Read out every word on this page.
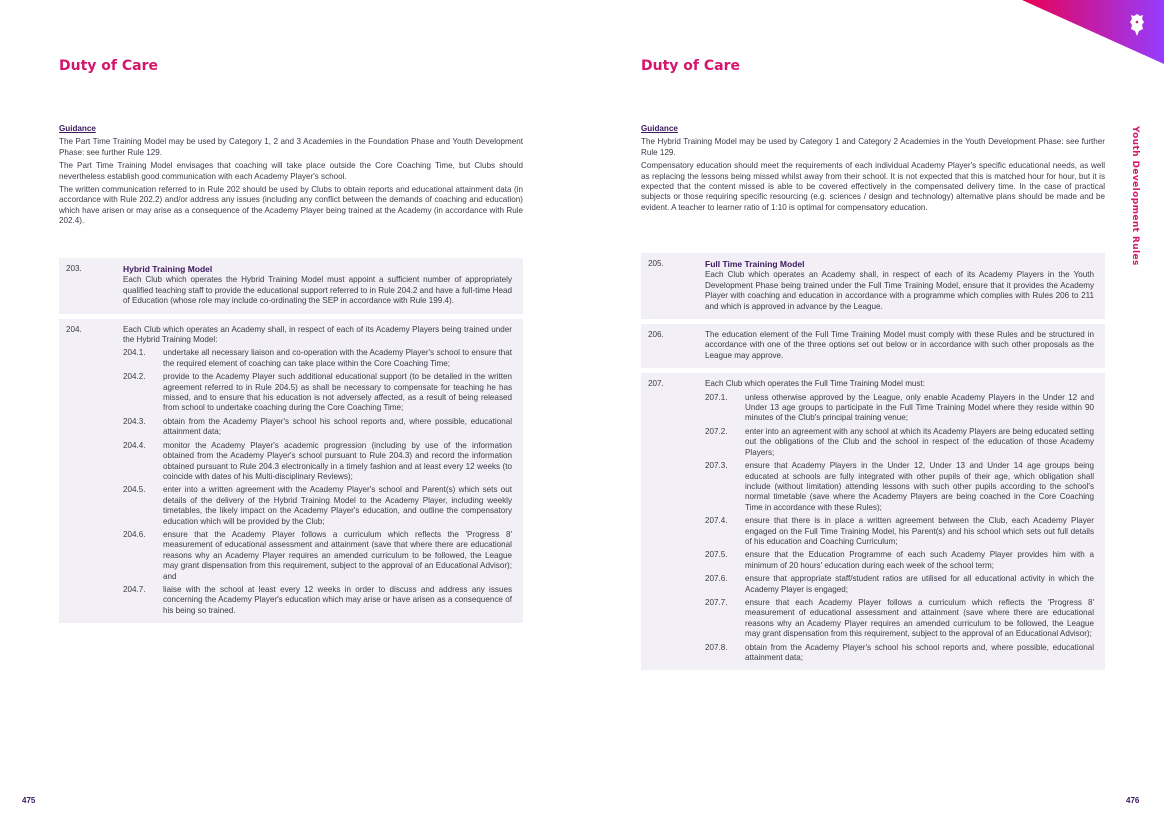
Duty of Care
Guidance

The Part Time Training Model may be used by Category 1, 2 and 3 Academies in the Foundation Phase and Youth Development Phase: see further Rule 129.

The Part Time Training Model envisages that coaching will take place outside the Core Coaching Time, but Clubs should nevertheless establish good communication with each Academy Player's school.

The written communication referred to in Rule 202 should be used by Clubs to obtain reports and educational attainment data (in accordance with Rule 202.2) and/or address any issues (including any conflict between the demands of coaching and education) which have arisen or may arise as a consequence of the Academy Player being trained at the Academy (in accordance with Rule 202.4).

203.	Hybrid Training Model
Each Club which operates the Hybrid Training Model must appoint a sufficient number of appropriately qualified teaching staff to provide the educational support referred to in Rule 204.2 and have a full-time Head of Education (whose role may include co-ordinating the SEP in accordance with Rule 199.4).
204.	Each Club which operates an Academy shall, in respect of each of its Academy Players being trained under the Hybrid Training Model:
204.1.	undertake all necessary liaison and co-operation with the Academy Player's school to ensure that the required element of coaching can take place within the Core Coaching Time;
204.2.	provide to the Academy Player such additional educational support (to be detailed in the written agreement referred to in Rule 204.5) as shall be necessary to compensate for teaching he has missed, and to ensure that his education is not adversely affected, as a result of being released from school to undertake coaching during the Core Coaching Time;
204.3.	obtain from the Academy Player's school his school reports and, where possible, educational attainment data;
204.4.	monitor the Academy Player's academic progression (including by use of the information obtained from the Academy Player's school pursuant to Rule 204.3) and record the information obtained pursuant to Rule 204.3 electronically in a timely fashion and at least every 12 weeks (to coincide with dates of his Multi-disciplinary Reviews);
204.5.	enter into a written agreement with the Academy Player's school and Parent(s) which sets out details of the delivery of the Hybrid Training Model to the Academy Player, including weekly timetables, the likely impact on the Academy Player's education, and outline the compensatory education which will be provided by the Club;
204.6.	ensure that the Academy Player follows a curriculum which reflects the 'Progress 8' measurement of educational assessment and attainment (save that where there are educational reasons why an Academy Player requires an amended curriculum to be followed, the League may grant dispensation from this requirement, subject to the approval of an Educational Advisor); and
204.7.	liaise with the school at least every 12 weeks in order to discuss and address any issues concerning the Academy Player's education which may arise or have arisen as a consequence of his being so trained.
475
Duty of Care
Guidance

The Hybrid Training Model may be used by Category 1 and Category 2 Academies in the Youth Development Phase: see further Rule 129.

Compensatory education should meet the requirements of each individual Academy Player's specific educational needs, as well as replacing the lessons being missed whilst away from their school. It is not expected that this is matched hour for hour, but it is expected that the content missed is able to be covered effectively in the compensated delivery time. In the case of practical subjects or those requiring specific resourcing (e.g. sciences / design and technology) alternative plans should be made and be evident. A teacher to learner ratio of 1:10 is optimal for compensatory education.

205.	Full Time Training Model
Each Club which operates an Academy shall, in respect of each of its Academy Players in the Youth Development Phase being trained under the Full Time Training Model, ensure that it provides the Academy Player with coaching and education in accordance with a programme which complies with Rules 206 to 211 and which is approved in advance by the League.
206.	The education element of the Full Time Training Model must comply with these Rules and be structured in accordance with one of the three options set out below or in accordance with such other proposals as the League may approve.
207.	Each Club which operates the Full Time Training Model must:
207.1.	unless otherwise approved by the League, only enable Academy Players in the Under 12 and Under 13 age groups to participate in the Full Time Training Model where they reside within 90 minutes of the Club's principal training venue;
207.2.	enter into an agreement with any school at which its Academy Players are being educated setting out the obligations of the Club and the school in respect of the education of those Academy Players;
207.3.	ensure that Academy Players in the Under 12, Under 13 and Under 14 age groups being educated at schools are fully integrated with other pupils of their age, which obligation shall include (without limitation) attending lessons with such other pupils according to the school's normal timetable (save where the Academy Players are being coached in the Core Coaching Time in accordance with these Rules);
207.4.	ensure that there is in place a written agreement between the Club, each Academy Player engaged on the Full Time Training Model, his Parent(s) and his school which sets out full details of his education and Coaching Curriculum;
207.5.	ensure that the Education Programme of each such Academy Player provides him with a minimum of 20 hours' education during each week of the school term;
207.6.	ensure that appropriate staff/student ratios are utilised for all educational activity in which the Academy Player is engaged;
207.7.	ensure that each Academy Player follows a curriculum which reflects the 'Progress 8' measurement of educational assessment and attainment (save where there are educational reasons why an Academy Player requires an amended curriculum to be followed, the League may grant dispensation from this requirement, subject to the approval of an Educational Advisor);
207.8.	obtain from the Academy Player's school his school reports and, where possible, educational attainment data;
476
Youth Development Rules
